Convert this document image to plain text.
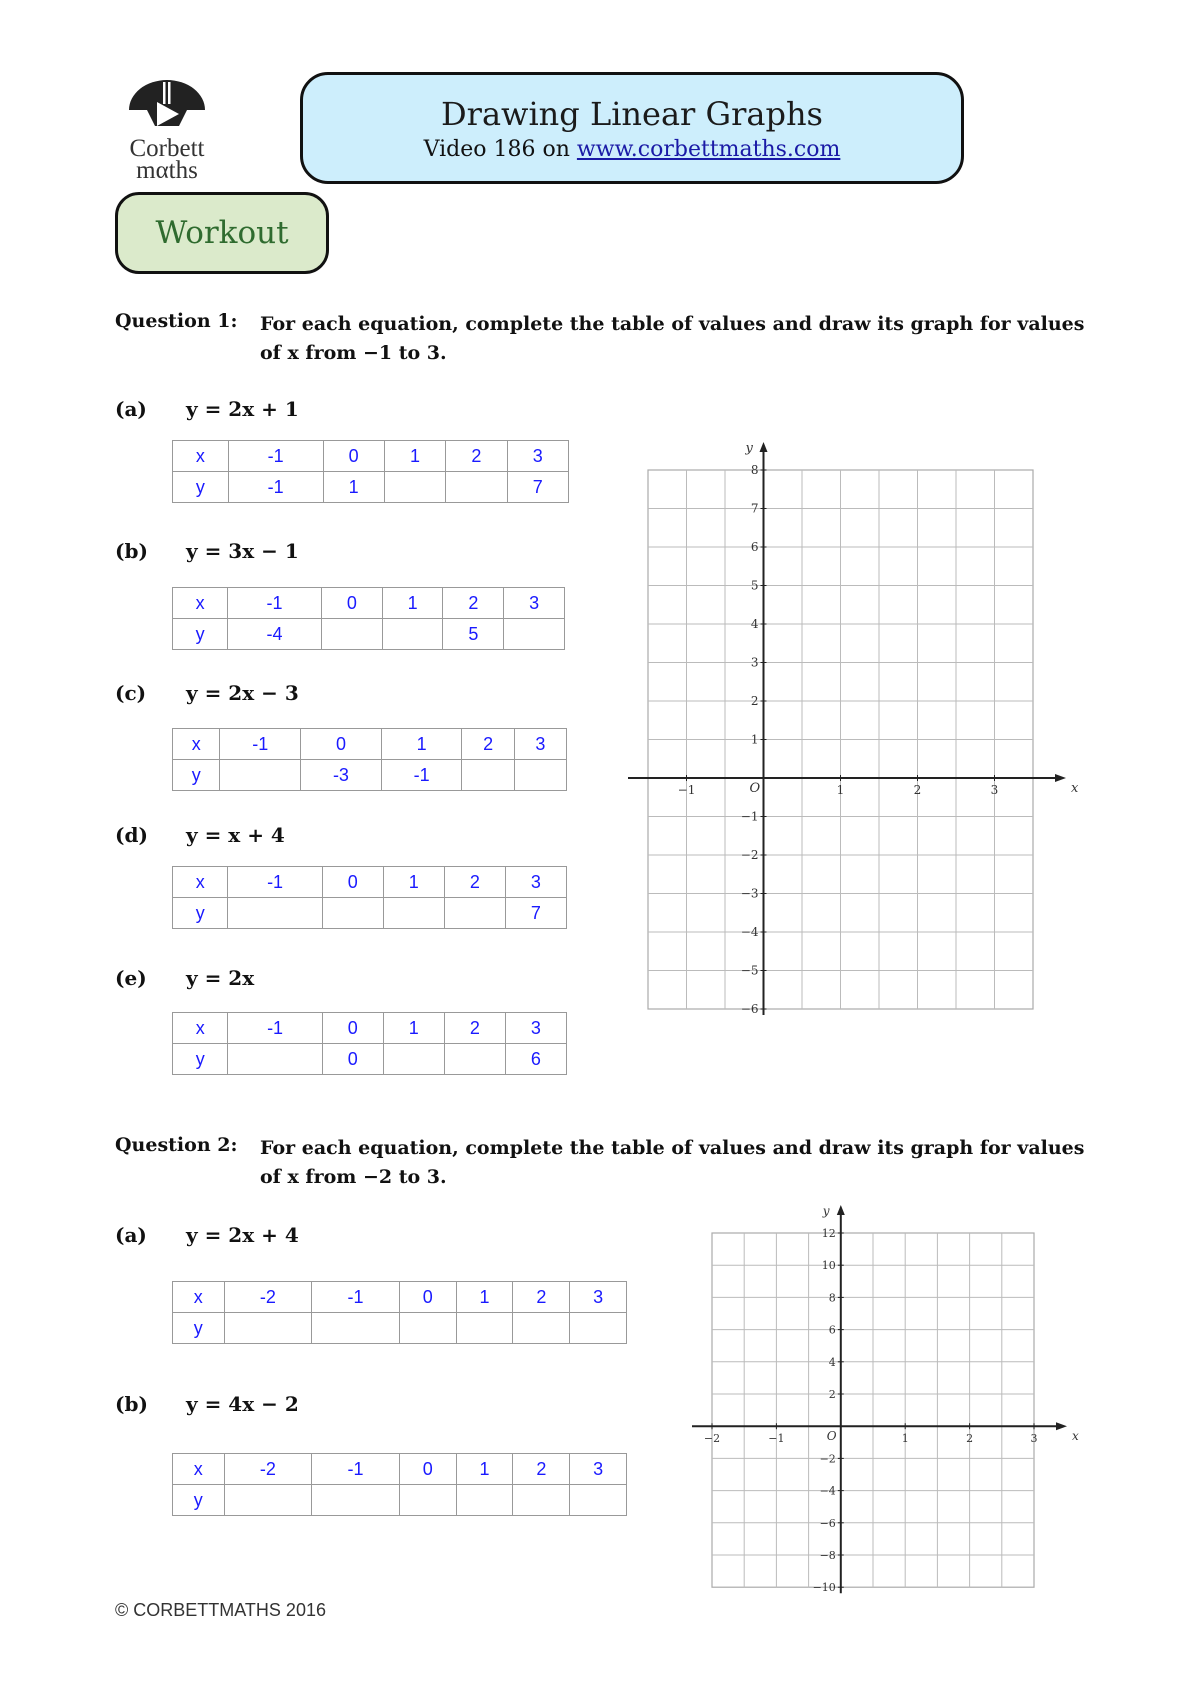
Corbett
mαths
Drawing Linear Graphs
Video 186 on www.corbettmaths.com
Workout
Question 1: For each equation, complete the table of values and draw its graph for values of x from −1 to 3.
(a) y = 2x + 1
x	-1	0	1	2	3
y	-1	1			7
(b) y = 3x − 1
x	-1	0	1	2	3
y	-4			5	
(c) y = 2x − 3
x	-1	0	1	2	3
y		-3	-1		
(d) y = x + 4
x	-1	0	1	2	3
y					7
(e) y = 2x
x	-1	0	1	2	3
y		0			6
x
y
O
−1	1	2	3
8
7
6
5
4
3
2
1
−1
−2
−3
−4
−5
−6
Question 2: For each equation, complete the table of values and draw its graph for values of x from −2 to 3.
(a) y = 2x + 4
x	-2	-1	0	1	2	3
y						
(b) y = 4x − 2
x	-2	-1	0	1	2	3
y						
x
y
O
−2	−1	1	2	3
12
10
8
6
4
2
−2
−4
−6
−8
−10
© CORBETTMATHS 2016
